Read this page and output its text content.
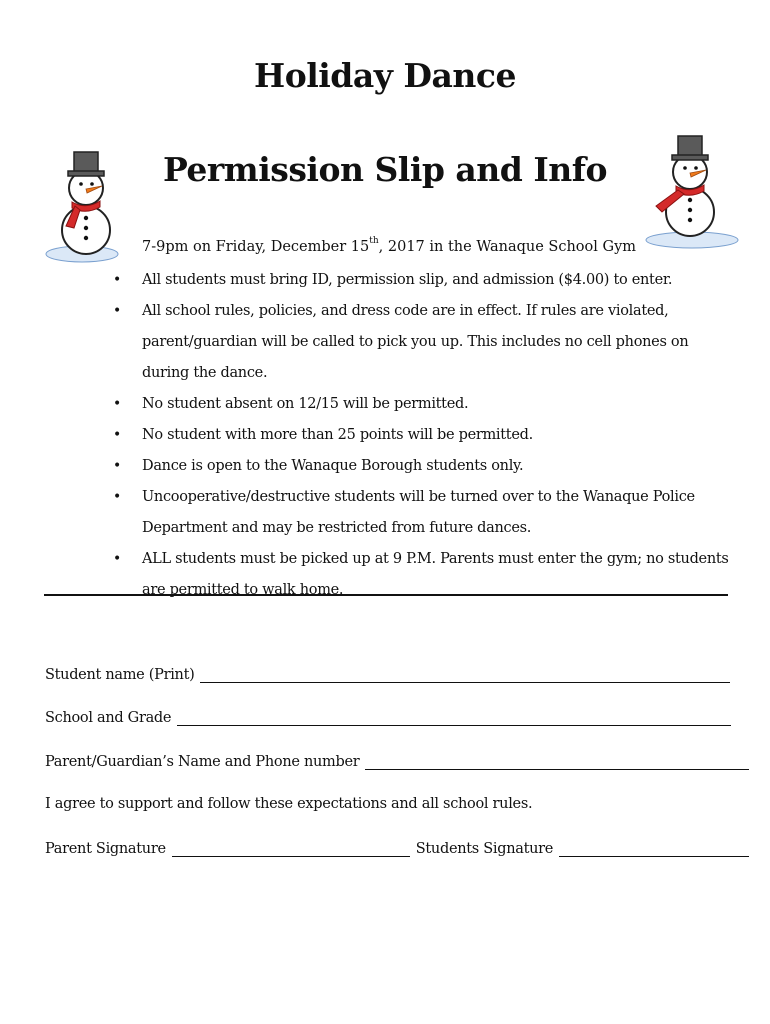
Holiday Dance
Permission Slip and Info
7-9pm on Friday, December 15th, 2017 in the Wanaque School Gym
• All students must bring ID, permission slip, and admission ($4.00) to enter.
• All school rules, policies, and dress code are in effect. If rules are violated, parent/guardian will be called to pick you up. This includes no cell phones on during the dance.
• No student absent on 12/15 will be permitted.
• No student with more than 25 points will be permitted.
• Dance is open to the Wanaque Borough students only.
• Uncooperative/destructive students will be turned over to the Wanaque Police Department and may be restricted from future dances.
• ALL students must be picked up at 9 P.M. Parents must enter the gym; no students are permitted to walk home.
Student name (Print)
School and Grade
Parent/Guardian’s Name and Phone number
I agree to support and follow these expectations and all school rules.
Parent Signature	Students Signature
